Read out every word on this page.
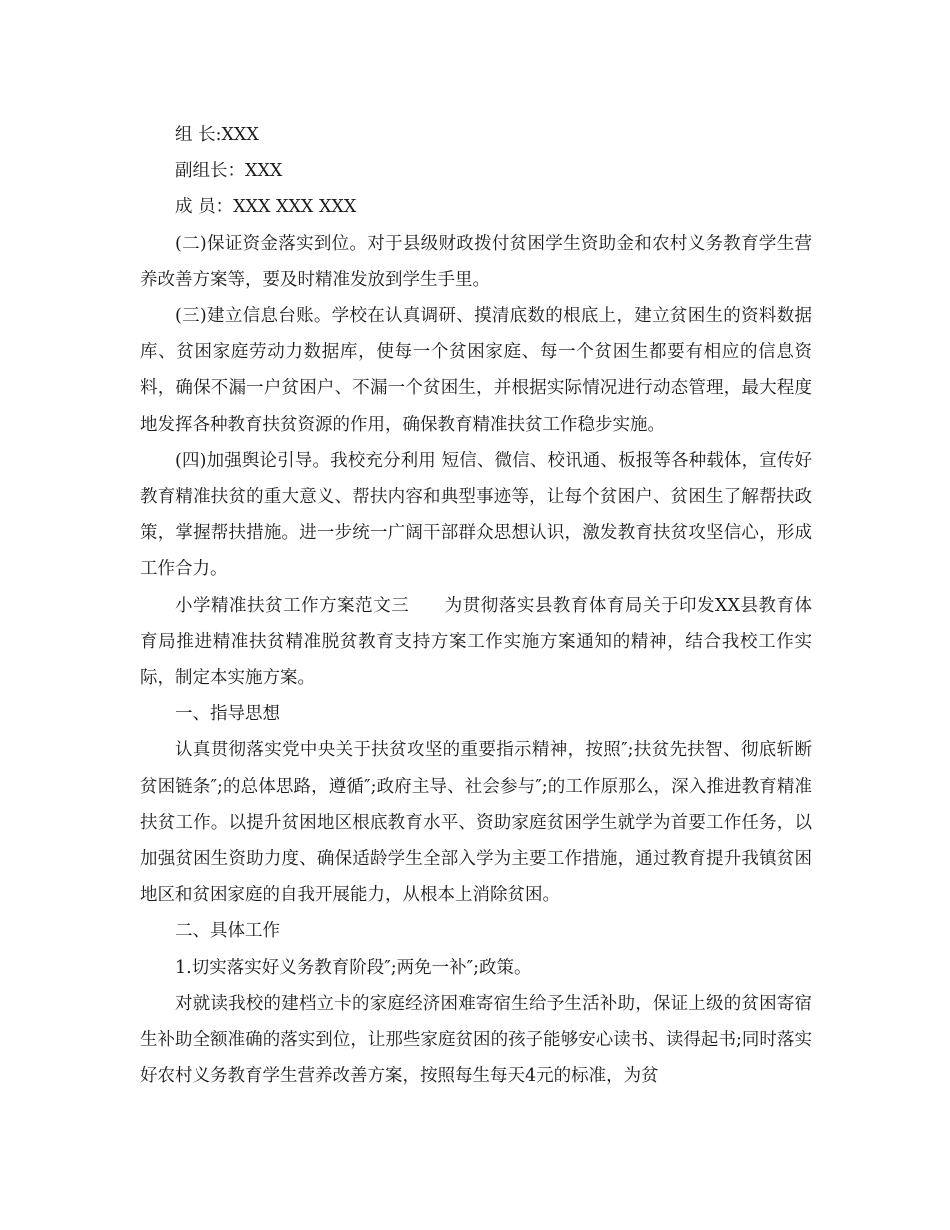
组 长:XXX

副组长：XXX

成 员：XXX XXX XXX

(二)保证资金落实到位。对于县级财政拨付贫困学生资助金和农村义务教育学生营养改善方案等，要及时精准发放到学生手里。

(三)建立信息台账。学校在认真调研、摸清底数的根底上，建立贫困生的资料数据库、贫困家庭劳动力数据库，使每一个贫困家庭、每一个贫困生都要有相应的信息资料，确保不漏一户贫困户、不漏一个贫困生，并根据实际情况进行动态管理，最大程度地发挥各种教育扶贫资源的作用，确保教育精准扶贫工作稳步实施。

(四)加强舆论引导。我校充分利用 短信、微信、校讯通、板报等各种载体，宣传好教育精准扶贫的重大意义、帮扶内容和典型事迹等，让每个贫困户、贫困生了解帮扶政策，掌握帮扶措施。进一步统一广阔干部群众思想认识，激发教育扶贫攻坚信心，形成工作合力。

小学精准扶贫工作方案范文三 为贯彻落实县教育体育局关于印发XX县教育体育局推进精准扶贫精准脱贫教育支持方案工作实施方案通知的精神，结合我校工作实际，制定本实施方案。

一、指导思想

认真贯彻落实党中央关于扶贫攻坚的重要指示精神，按照″;扶贫先扶智、彻底斩断贫困链条″;的总体思路，遵循″;政府主导、社会参与″;的工作原那么，深入推进教育精准扶贫工作。以提升贫困地区根底教育水平、资助家庭贫困学生就学为首要工作任务，以加强贫困生资助力度、确保适龄学生全部入学为主要工作措施，通过教育提升我镇贫困地区和贫困家庭的自我开展能力，从根本上消除贫困。

二、具体工作

1.切实落实好义务教育阶段″;两免一补″;政策。

对就读我校的建档立卡的家庭经济困难寄宿生给予生活补助，保证上级的贫困寄宿生补助全额准确的落实到位，让那些家庭贫困的孩子能够安心读书、读得起书;同时落实好农村义务教育学生营养改善方案，按照每生每天4元的标准，为贫
